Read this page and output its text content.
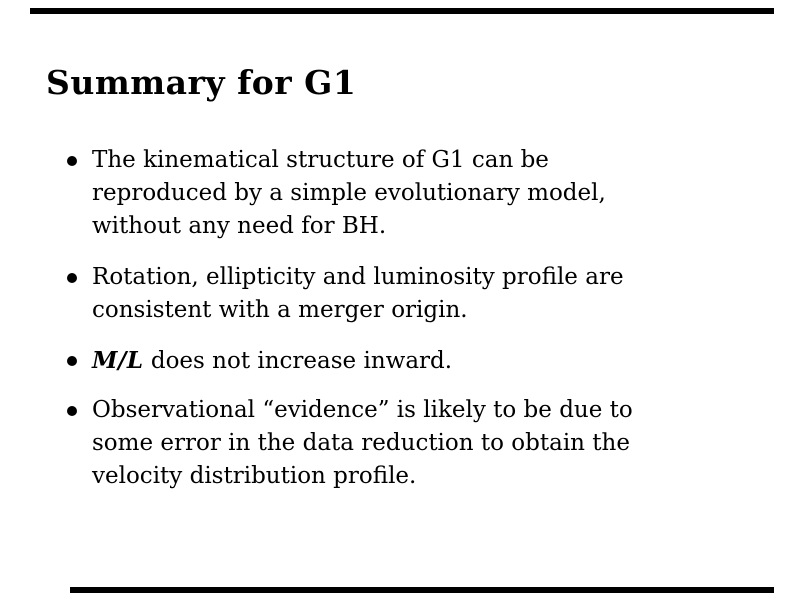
Summary for G1
The kinematical structure of G1 can be
reproduced by a simple evolutionary model,
without any need for BH.
Rotation, ellipticity and luminosity profile are
consistent with a merger origin.
M/L does not increase inward.
Observational “evidence” is likely to be due to
some error in the data reduction to obtain the
velocity distribution profile.
